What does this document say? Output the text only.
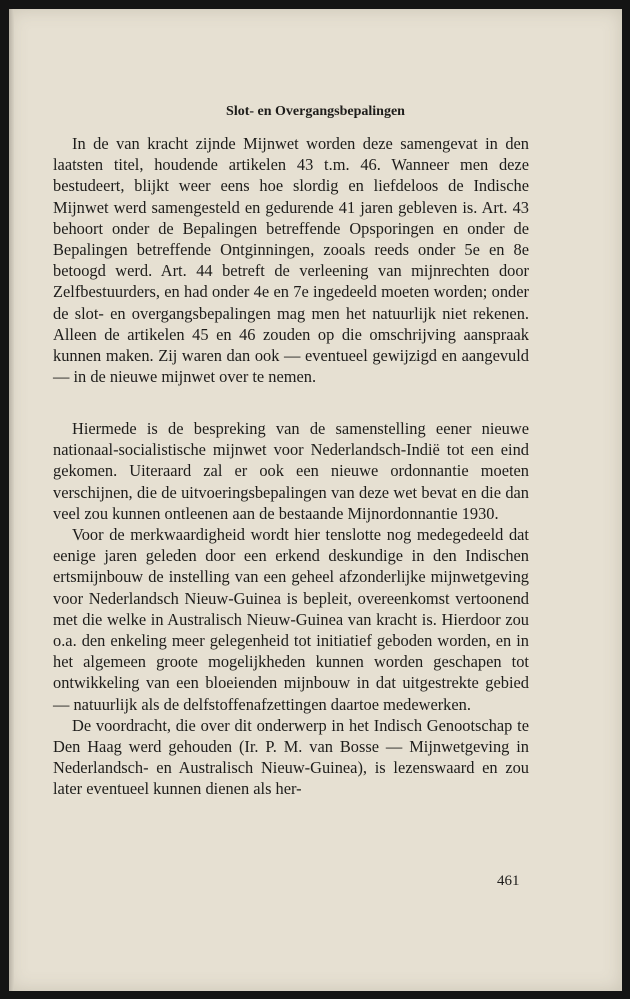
Slot- en Overgangsbepalingen

In de van kracht zijnde Mijnwet worden deze samengevat in den laatsten titel, houdende artikelen 43 t.m. 46. Wanneer men deze bestudeert, blijkt weer eens hoe slordig en liefdeloos de Indische Mijnwet werd samengesteld en gedurende 41 jaren gebleven is. Art. 43 behoort onder de Bepalingen betreffende Opsporingen en onder de Bepalingen betreffende Ontginningen, zooals reeds onder 5e en 8e betoogd werd. Art. 44 betreft de verleening van mijnrechten door Zelfbestuurders, en had onder 4e en 7e ingedeeld moeten worden; onder de slot- en overgangsbepalingen mag men het natuurlijk niet rekenen. Alleen de artikelen 45 en 46 zouden op die omschrijving aanspraak kunnen maken. Zij waren dan ook — eventueel gewijzigd en aangevuld — in de nieuwe mijnwet over te nemen.

Hiermede is de bespreking van de samenstelling eener nieuwe nationaal-socialistische mijnwet voor Nederlandsch-Indië tot een eind gekomen. Uiteraard zal er ook een nieuwe ordonnantie moeten verschijnen, die de uitvoeringsbepalingen van deze wet bevat en die dan veel zou kunnen ontleenen aan de bestaande Mijnordonnantie 1930.

Voor de merkwaardigheid wordt hier tenslotte nog medegedeeld dat eenige jaren geleden door een erkend deskundige in den Indischen ertsmijnbouw de instelling van een geheel afzonderlijke mijnwetgeving voor Nederlandsch Nieuw-Guinea is bepleit, overeenkomst vertoonend met die welke in Australisch Nieuw-Guinea van kracht is. Hierdoor zou o.a. den enkeling meer gelegenheid tot initiatief geboden worden, en in het algemeen groote mogelijkheden kunnen worden geschapen tot ontwikkeling van een bloeienden mijnbouw in dat uitgestrekte gebied — natuurlijk als de delfstoffenafzettingen daartoe medewerken.

De voordracht, die over dit onderwerp in het Indisch Genootschap te Den Haag werd gehouden (Ir. P. M. van Bosse — Mijnwetgeving in Nederlandsch- en Australisch Nieuw-Guinea), is lezenswaard en zou later eventueel kunnen dienen als her-

461
